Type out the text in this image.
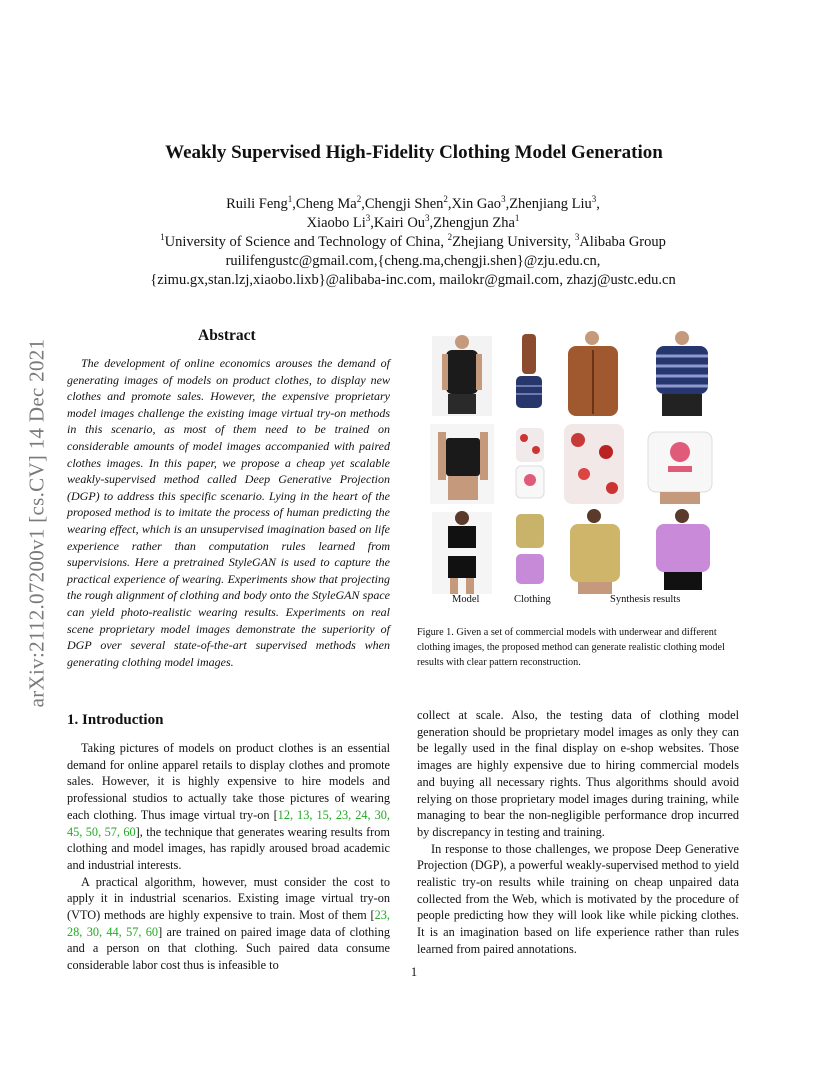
arXiv:2112.07200v1 [cs.CV] 14 Dec 2021
Weakly Supervised High-Fidelity Clothing Model Generation
Ruili Feng$^1$,Cheng Ma$^2$,Chengji Shen$^2$,Xin Gao$^3$,Zhenjiang Liu$^3$,
Xiaobo Li$^3$,Kairi Ou$^3$,Zhengjun Zha$^1$
$^1$University of Science and Technology of China, $^2$Zhejiang University, $^3$Alibaba Group
ruilifengustc@gmail.com,{cheng.ma,chengji.shen}@zju.edu.cn,
{zimu.gx,stan.lzj,xiaobo.lixb}@alibaba-inc.com, mailokr@gmail.com, zhazj@ustc.edu.cn
Abstract
The development of online economics arouses the demand of generating images of models on product clothes, to display new clothes and promote sales. However, the expensive proprietary model images challenge the existing image virtual try-on methods in this scenario, as most of them need to be trained on considerable amounts of model images accompanied with paired clothes images. In this paper, we propose a cheap yet scalable weakly-supervised method called Deep Generative Projection (DGP) to address this specific scenario. Lying in the heart of the proposed method is to imitate the process of human predicting the wearing effect, which is an unsupervised imagination based on life experience rather than computation rules learned from supervisions. Here a pretrained StyleGAN is used to capture the practical experience of wearing. Experiments show that projecting the rough alignment of clothing and body onto the StyleGAN space can yield photo-realistic wearing results. Experiments on real scene proprietary model images demonstrate the superiority of DGP over several state-of-the-art supervised methods when generating clothing model images.
Model	Clothing	Synthesis results
Figure 1. Given a set of commercial models with underwear and different clothing images, the proposed method can generate realistic clothing model results with clear pattern reconstruction.
1. Introduction

Taking pictures of models on product clothes is an essential demand for online apparel retails to display clothes and promote sales. However, it is highly expensive to hire models and professional studios to actually take those pictures of wearing each clothing. Thus image virtual try-on [12, 13, 15, 23, 24, 30, 45, 50, 57, 60], the technique that generates wearing results from clothing and model images, has rapidly aroused broad academic and industrial interests.

A practical algorithm, however, must consider the cost to apply it in industrial scenarios. Existing image virtual try-on (VTO) methods are highly expensive to train. Most of them [23, 28, 30, 44, 57, 60] are trained on paired image data of clothing and a person on that clothing. Such paired data consume considerable labor cost thus is infeasible to

collect at scale. Also, the testing data of clothing model generation should be proprietary model images as only they can be legally used in the final display on e-shop websites. Those images are highly expensive due to hiring commercial models and buying all necessary rights. Thus algorithms should avoid relying on those proprietary model images during training, while managing to bear the non-negligible performance drop incurred by discrepancy in testing and training.

In response to those challenges, we propose Deep Generative Projection (DGP), a powerful weakly-supervised method to yield realistic try-on results while training on cheap unpaired data collected from the Web, which is motivated by the procedure of people predicting how they will look like while picking clothes. It is an imagination based on life experience rather than rules learned from paired annotations.

1
